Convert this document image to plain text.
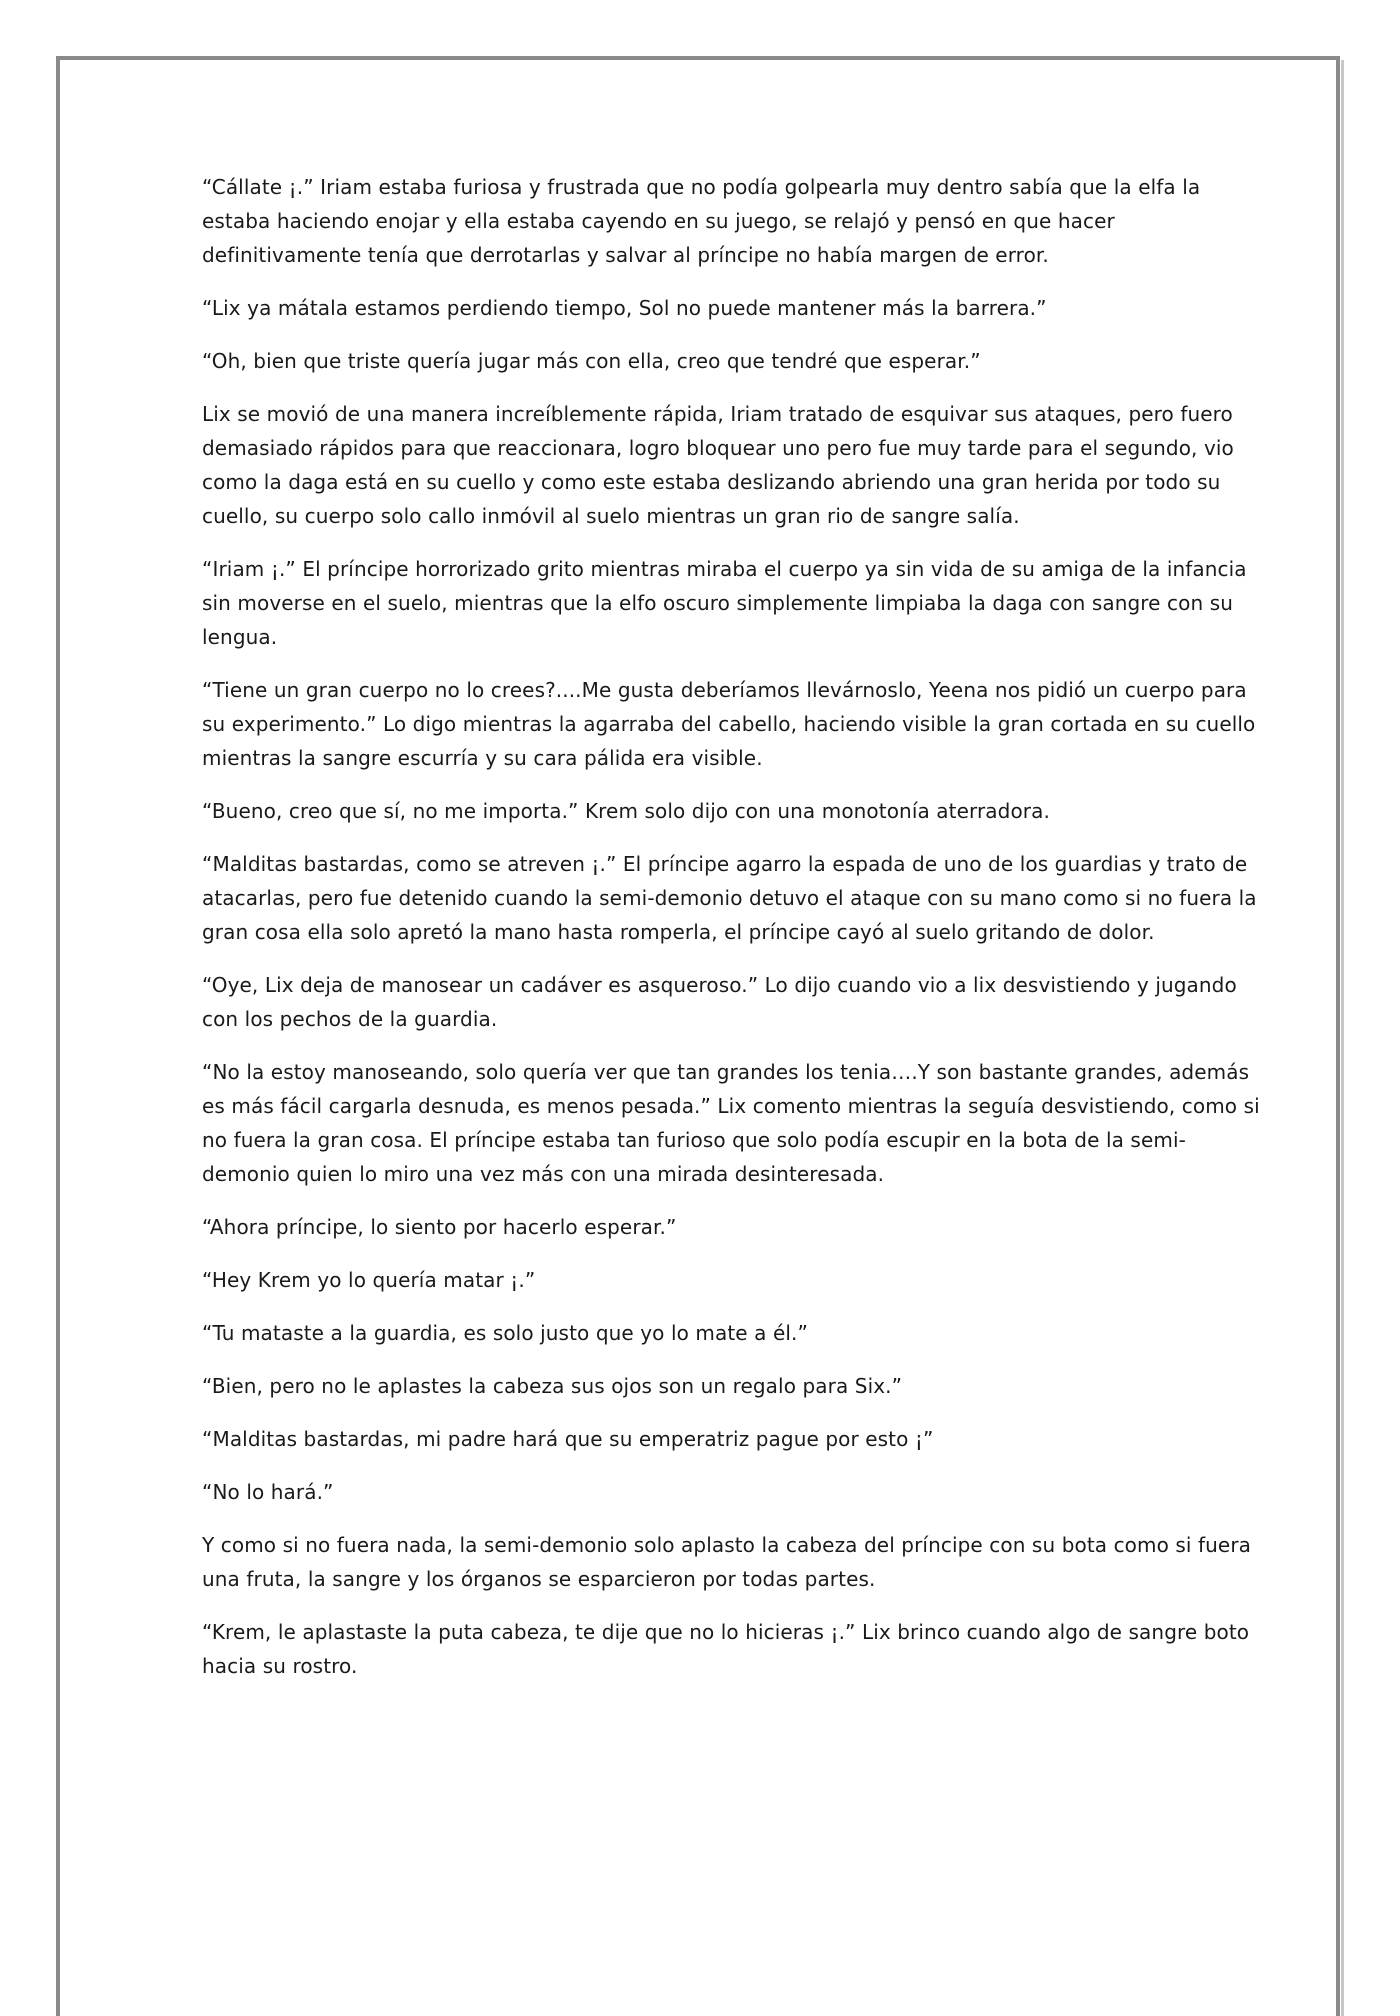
“Cállate ¡.” Iriam estaba furiosa y frustrada que no podía golpearla muy dentro sabía que la elfa la estaba haciendo enojar y ella estaba cayendo en su juego, se relajó y pensó en que hacer definitivamente tenía que derrotarlas y salvar al príncipe no había margen de error.

“Lix ya mátala estamos perdiendo tiempo, Sol no puede mantener más la barrera.”

“Oh, bien que triste quería jugar más con ella, creo que tendré que esperar.”

Lix se movió de una manera increíblemente rápida, Iriam tratado de esquivar sus ataques, pero fuero demasiado rápidos para que reaccionara, logro bloquear uno pero fue muy tarde para el segundo, vio como la daga está en su cuello y como este estaba deslizando abriendo una gran herida por todo su cuello, su cuerpo solo callo inmóvil al suelo mientras un gran rio de sangre salía.

“Iriam ¡.” El príncipe horrorizado grito mientras miraba el cuerpo ya sin vida de su amiga de la infancia sin moverse en el suelo, mientras que la elfo oscuro simplemente limpiaba la daga con sangre con su lengua.

“Tiene un gran cuerpo no lo crees?....Me gusta deberíamos llevárnoslo, Yeena nos pidió un cuerpo para su experimento.” Lo digo mientras la agarraba del cabello, haciendo visible la gran cortada en su cuello mientras la sangre escurría y su cara pálida era visible.

“Bueno, creo que sí, no me importa.” Krem solo dijo con una monotonía aterradora.

“Malditas bastardas, como se atreven ¡.” El príncipe agarro la espada de uno de los guardias y trato de atacarlas, pero fue detenido cuando la semi-demonio detuvo el ataque con su mano como si no fuera la gran cosa ella solo apretó la mano hasta romperla, el príncipe cayó al suelo gritando de dolor.

“Oye, Lix deja de manosear un cadáver es asqueroso.” Lo dijo cuando vio a lix desvistiendo y jugando con los pechos de la guardia.

“No la estoy manoseando, solo quería ver que tan grandes los tenia….Y son bastante grandes, además es más fácil cargarla desnuda, es menos pesada.” Lix comento mientras la seguía desvistiendo, como si no fuera la gran cosa. El príncipe estaba tan furioso que solo podía escupir en la bota de la semi-demonio quien lo miro una vez más con una mirada desinteresada.

“Ahora príncipe, lo siento por hacerlo esperar.”

“Hey Krem yo lo quería matar ¡.”

“Tu mataste a la guardia, es solo justo que yo lo mate a él.”

“Bien, pero no le aplastes la cabeza sus ojos son un regalo para Six.”

“Malditas bastardas, mi padre hará que su emperatriz pague por esto ¡”

“No lo hará.”

Y como si no fuera nada, la semi-demonio solo aplasto la cabeza del príncipe con su bota como si fuera una fruta, la sangre y los órganos se esparcieron por todas partes.

“Krem, le aplastaste la puta cabeza, te dije que no lo hicieras ¡.” Lix brinco cuando algo de sangre boto hacia su rostro.
